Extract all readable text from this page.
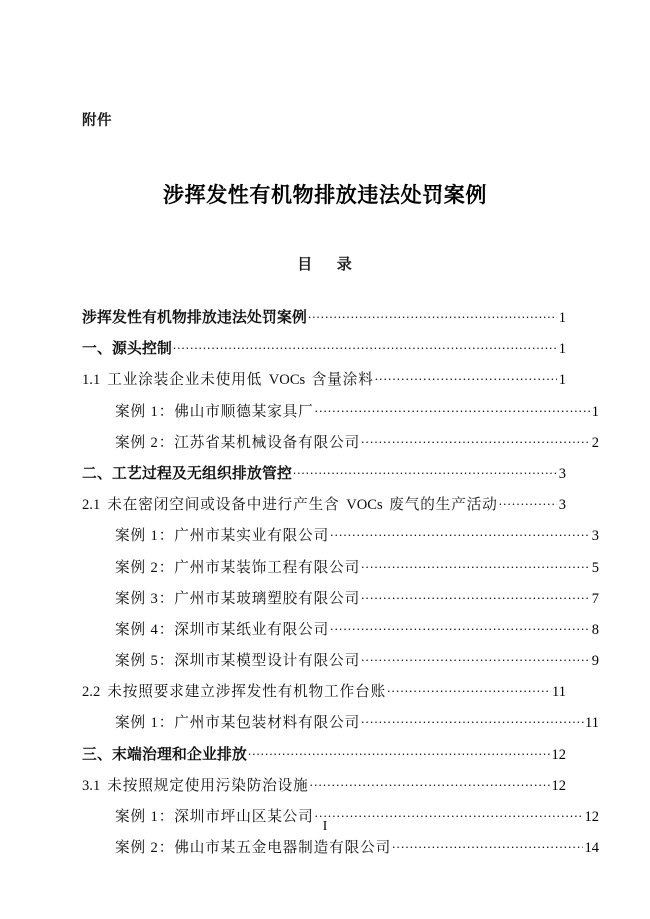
附件
涉挥发性有机物排放违法处罚案例
目 录
涉挥发性有机物排放违法处罚案例 .....	1
一、源头控制 .....	1
1.1 工业涂装企业未使用低 VOCs 含量涂料 .....	1
案例 1：佛山市顺德某家具厂 .....	1
案例 2：江苏省某机械设备有限公司 .....	2
二、工艺过程及无组织排放管控 .....	3
2.1 未在密闭空间或设备中进行产生含 VOCs 废气的生产活动 .....	3
案例 1：广州市某实业有限公司 .....	3
案例 2：广州市某装饰工程有限公司 .....	5
案例 3：广州市某玻璃塑胶有限公司 .....	7
案例 4：深圳市某纸业有限公司 .....	8
案例 5：深圳市某模型设计有限公司 .....	9
2.2 未按照要求建立涉挥发性有机物工作台账 .....	11
案例 1：广州市某包装材料有限公司 .....	11
三、末端治理和企业排放 .....	12
3.1 未按照规定使用污染防治设施 .....	12
案例 1：深圳市坪山区某公司 .....	12
案例 2：佛山市某五金电器制造有限公司 .....	14
I
